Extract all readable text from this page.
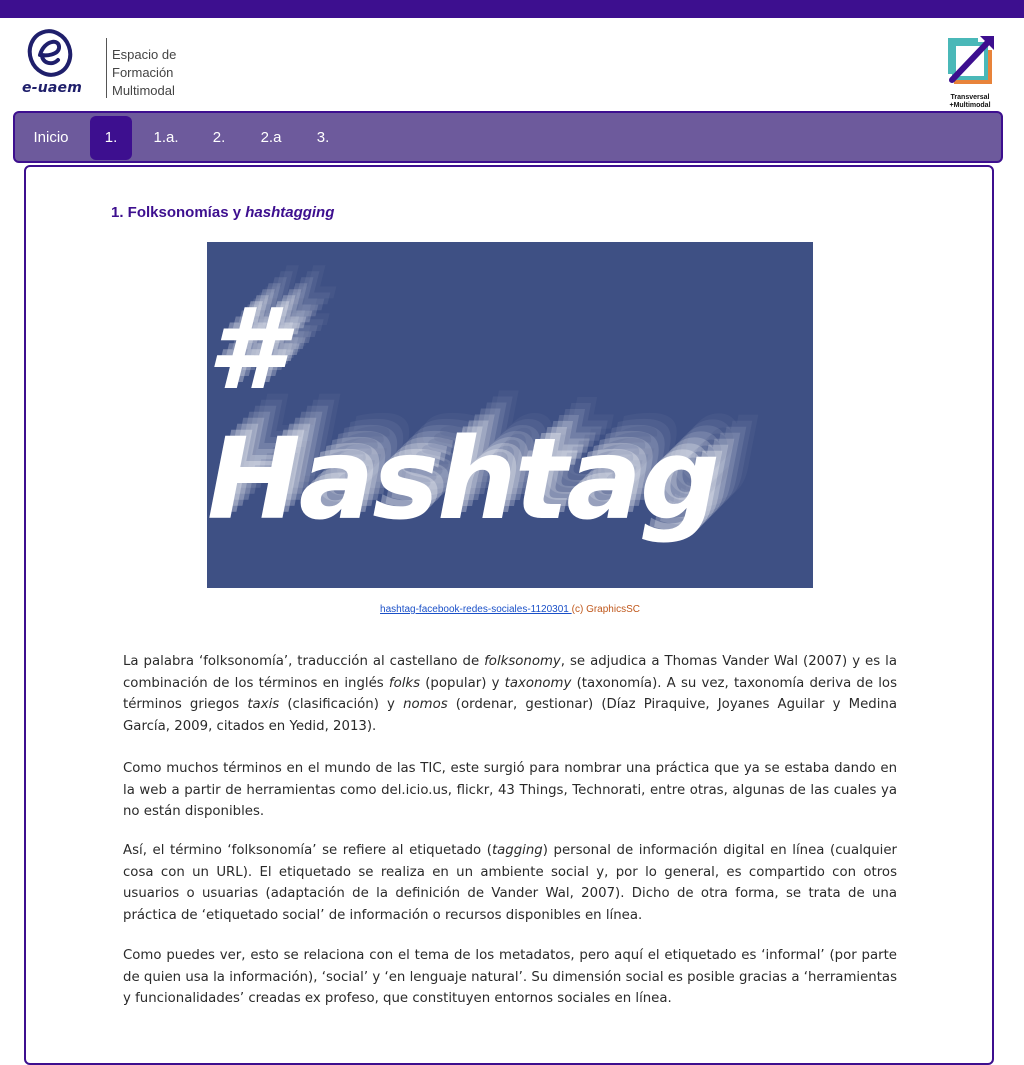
e-uaem
Espacio de
Formación
Multimodal	Transversal
+Multimodal
Inicio	1.	1.a.	2.	2.a	3.
1. Folksonomías y hashtagging
# Hashtag
hashtag-facebook-redes-sociales-1120301 (c) GraphicsSC

La palabra ‘folksonomía’, traducción al castellano de folksonomy, se adjudica a Thomas Vander Wal (2007) y es la combinación de los términos en inglés folks (popular) y taxonomy (taxonomía). A su vez, taxonomía deriva de los términos griegos taxis (clasificación) y nomos (ordenar, gestionar) (Díaz Piraquive, Joyanes Aguilar y Medina García, 2009, citados en Yedid, 2013).

Como muchos términos en el mundo de las TIC, este surgió para nombrar una práctica que ya se estaba dando en la web a partir de herramientas como del.icio.us, flickr, 43 Things, Technorati, entre otras, algunas de las cuales ya no están disponibles.

Así, el término ‘folksonomía’ se refiere al etiquetado (tagging) personal de información digital en línea (cualquier cosa con un URL). El etiquetado se realiza en un ambiente social y, por lo general, es compartido con otros usuarios o usuarias (adaptación de la definición de Vander Wal, 2007). Dicho de otra forma, se trata de una práctica de ‘etiquetado social’ de información o recursos disponibles en línea.

Como puedes ver, esto se relaciona con el tema de los metadatos, pero aquí el etiquetado es ‘informal’ (por parte de quien usa la información), ‘social’ y ‘en lenguaje natural’. Su dimensión social es posible gracias a ‘herramientas y funcionalidades’ creadas ex profeso, que constituyen entornos sociales en línea.
